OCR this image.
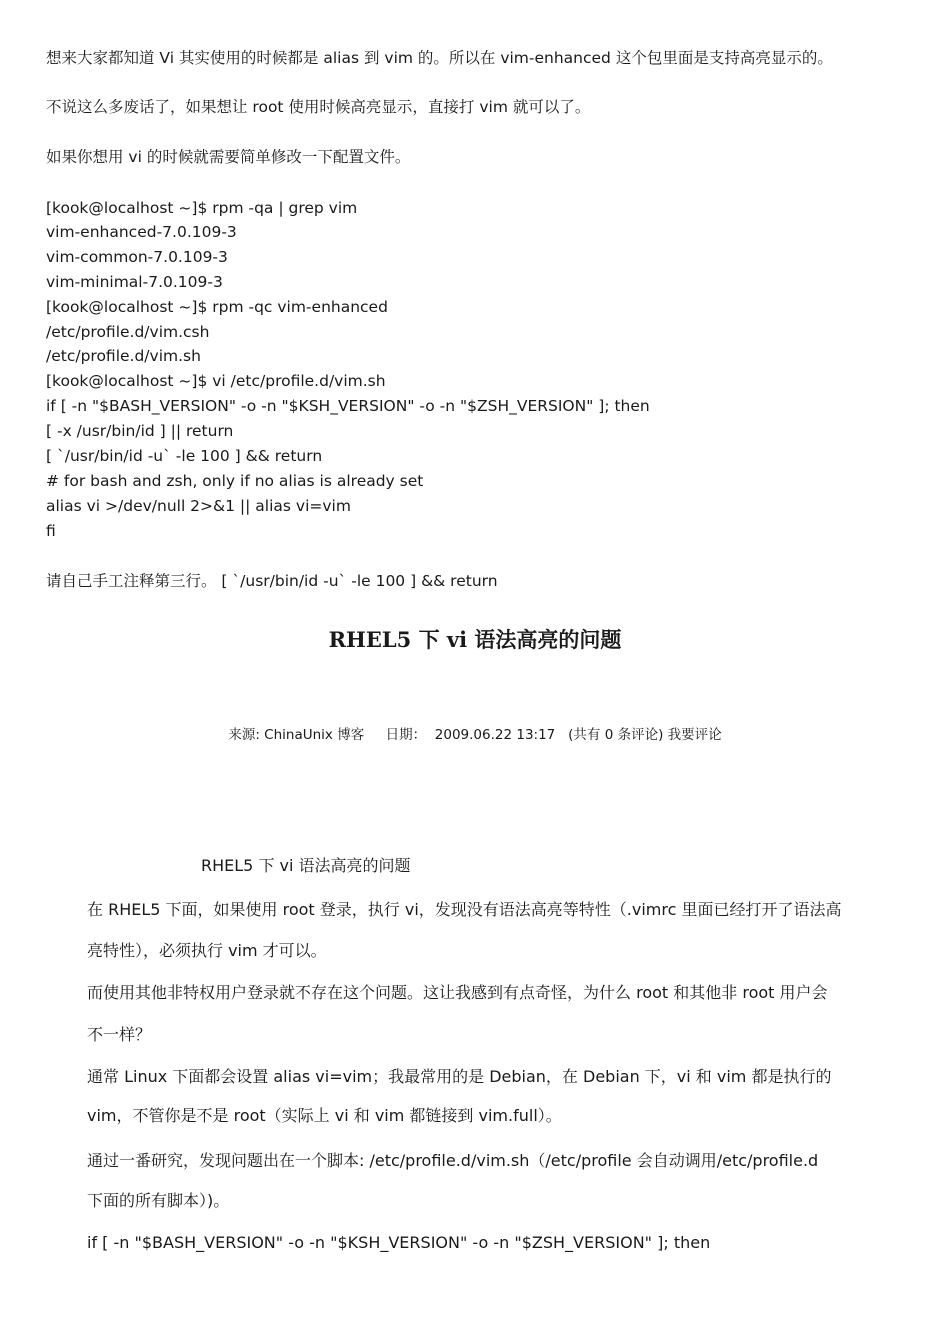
想来大家都知道 Vi 其实使用的时候都是 alias 到 vim 的。所以在 vim-enhanced 这个包里面是支持高亮显示的。
不说这么多废话了，如果想让 root 使用时候高亮显示，直接打 vim 就可以了。
如果你想用 vi 的时候就需要简单修改一下配置文件。
[kook@localhost ~]$ rpm -qa | grep vim
vim-enhanced-7.0.109-3
vim-common-7.0.109-3
vim-minimal-7.0.109-3
[kook@localhost ~]$ rpm -qc vim-enhanced
/etc/profile.d/vim.csh
/etc/profile.d/vim.sh
[kook@localhost ~]$ vi /etc/profile.d/vim.sh
if [ -n "$BASH_VERSION" -o -n "$KSH_VERSION" -o -n "$ZSH_VERSION" ]; then
[ -x /usr/bin/id ] || return
[ `/usr/bin/id -u` -le 100 ] && return
# for bash and zsh, only if no alias is already set
alias vi >/dev/null 2>&1 || alias vi=vim
fi
请自己手工注释第三行。 [ `/usr/bin/id -u` -le 100 ] && return
RHEL5 下 vi 语法高亮的问题
来源: ChinaUnix 博客 日期： 2009.06.22 13:17 (共有 0 条评论) 我要评论
RHEL5 下 vi 语法高亮的问题
在 RHEL5 下面，如果使用 root 登录，执行 vi，发现没有语法高亮等特性（.vimrc 里面已经打开了语法高
亮特性），必须执行 vim 才可以。
而使用其他非特权用户登录就不存在这个问题。这让我感到有点奇怪，为什么 root 和其他非 root 用户会
不一样？
通常 Linux 下面都会设置 alias vi=vim；我最常用的是 Debian，在 Debian 下，vi 和 vim 都是执行的
vim，不管你是不是 root（实际上 vi 和 vim 都链接到 vim.full）。
通过一番研究，发现问题出在一个脚本: /etc/profile.d/vim.sh（/etc/profile 会自动调用/etc/profile.d
下面的所有脚本）)。
if [ -n "$BASH_VERSION" -o -n "$KSH_VERSION" -o -n "$ZSH_VERSION" ]; then
